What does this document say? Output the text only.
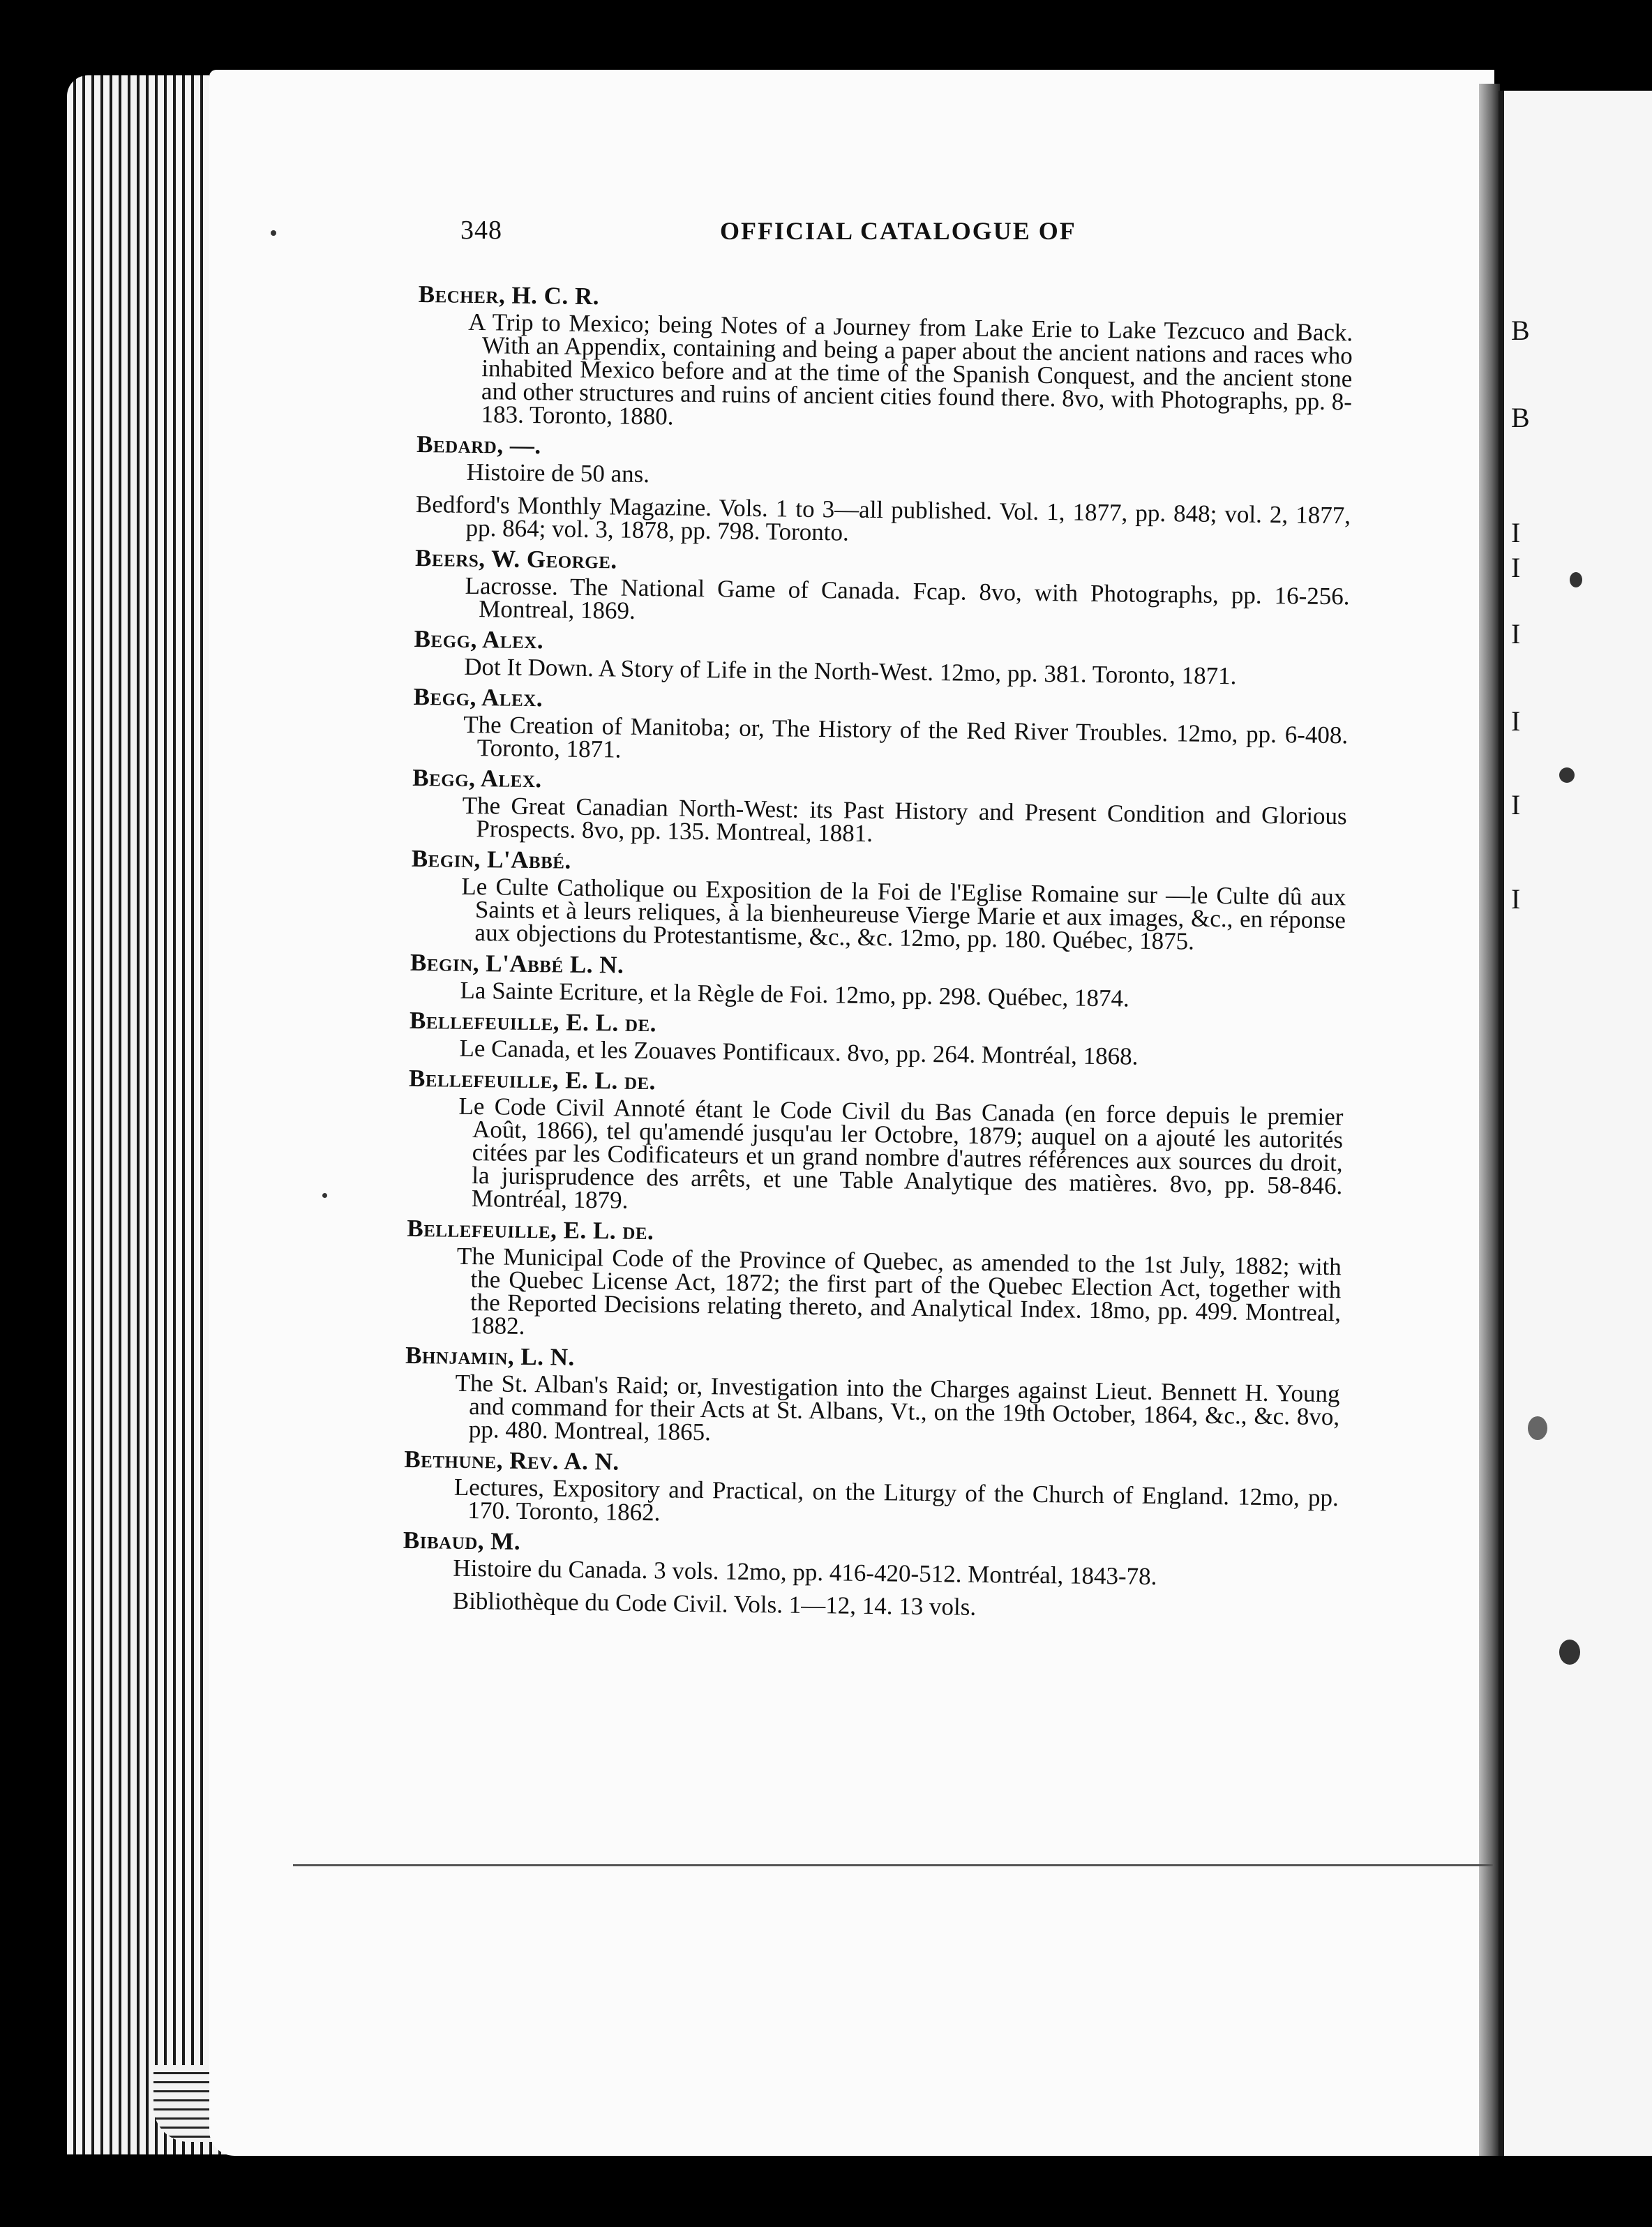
B
B
I
I
I
I
I
I
348	OFFICIAL CATALOGUE OF
Becher, H. C. R.
A Trip to Mexico; being Notes of a Journey from Lake Erie to Lake Tezcuco and Back. With an Appendix, containing and being a paper about the ancient nations and races who inhabited Mexico before and at the time of the Spanish Conquest, and the ancient stone and other structures and ruins of ancient cities found there. 8vo, with Photographs, pp. 8-183. Toronto, 1880.
Bedard, —.
Histoire de 50 ans.
Bedford's Monthly Magazine. Vols. 1 to 3—all published. Vol. 1, 1877, pp. 848; vol. 2, 1877, pp. 864; vol. 3, 1878, pp. 798. Toronto.
Beers, W. George.
Lacrosse. The National Game of Canada. Fcap. 8vo, with Photographs, pp. 16-256. Montreal, 1869.
Begg, Alex.
Dot It Down. A Story of Life in the North-West. 12mo, pp. 381. Toronto, 1871.
Begg, Alex.
The Creation of Manitoba; or, The History of the Red River Troubles. 12mo, pp. 6-408. Toronto, 1871.
Begg, Alex.
The Great Canadian North-West: its Past History and Present Condition and Glorious Prospects. 8vo, pp. 135. Montreal, 1881.
Begin, L'Abbé.
Le Culte Catholique ou Exposition de la Foi de l'Eglise Romaine sur —le Culte dû aux Saints et à leurs reliques, à la bienheureuse Vierge Marie et aux images, &c., en réponse aux objections du Protestantisme, &c., &c. 12mo, pp. 180. Québec, 1875.
Begin, L'Abbé L. N.
La Sainte Ecriture, et la Règle de Foi. 12mo, pp. 298. Québec, 1874.
Bellefeuille, E. L. de.
Le Canada, et les Zouaves Pontificaux. 8vo, pp. 264. Montréal, 1868.
Bellefeuille, E. L. de.
Le Code Civil Annoté étant le Code Civil du Bas Canada (en force depuis le premier Août, 1866), tel qu'amendé jusqu'au ler Octobre, 1879; auquel on a ajouté les autorités citées par les Codificateurs et un grand nombre d'autres références aux sources du droit, la jurisprudence des arrêts, et une Table Analytique des matières. 8vo, pp. 58-846. Montréal, 1879.
Bellefeuille, E. L. de.
The Municipal Code of the Province of Quebec, as amended to the 1st July, 1882; with the Quebec License Act, 1872; the first part of the Quebec Election Act, together with the Reported Decisions relating thereto, and Analytical Index. 18mo, pp. 499. Montreal, 1882.
Bhnjamin, L. N.
The St. Alban's Raid; or, Investigation into the Charges against Lieut. Bennett H. Young and command for their Acts at St. Albans, Vt., on the 19th October, 1864, &c., &c. 8vo, pp. 480. Montreal, 1865.
Bethune, Rev. A. N.
Lectures, Expository and Practical, on the Liturgy of the Church of England. 12mo, pp. 170. Toronto, 1862.
Bibaud, M.
Histoire du Canada. 3 vols. 12mo, pp. 416-420-512. Montréal, 1843-78.
Bibliothèque du Code Civil. Vols. 1—12, 14. 13 vols.
